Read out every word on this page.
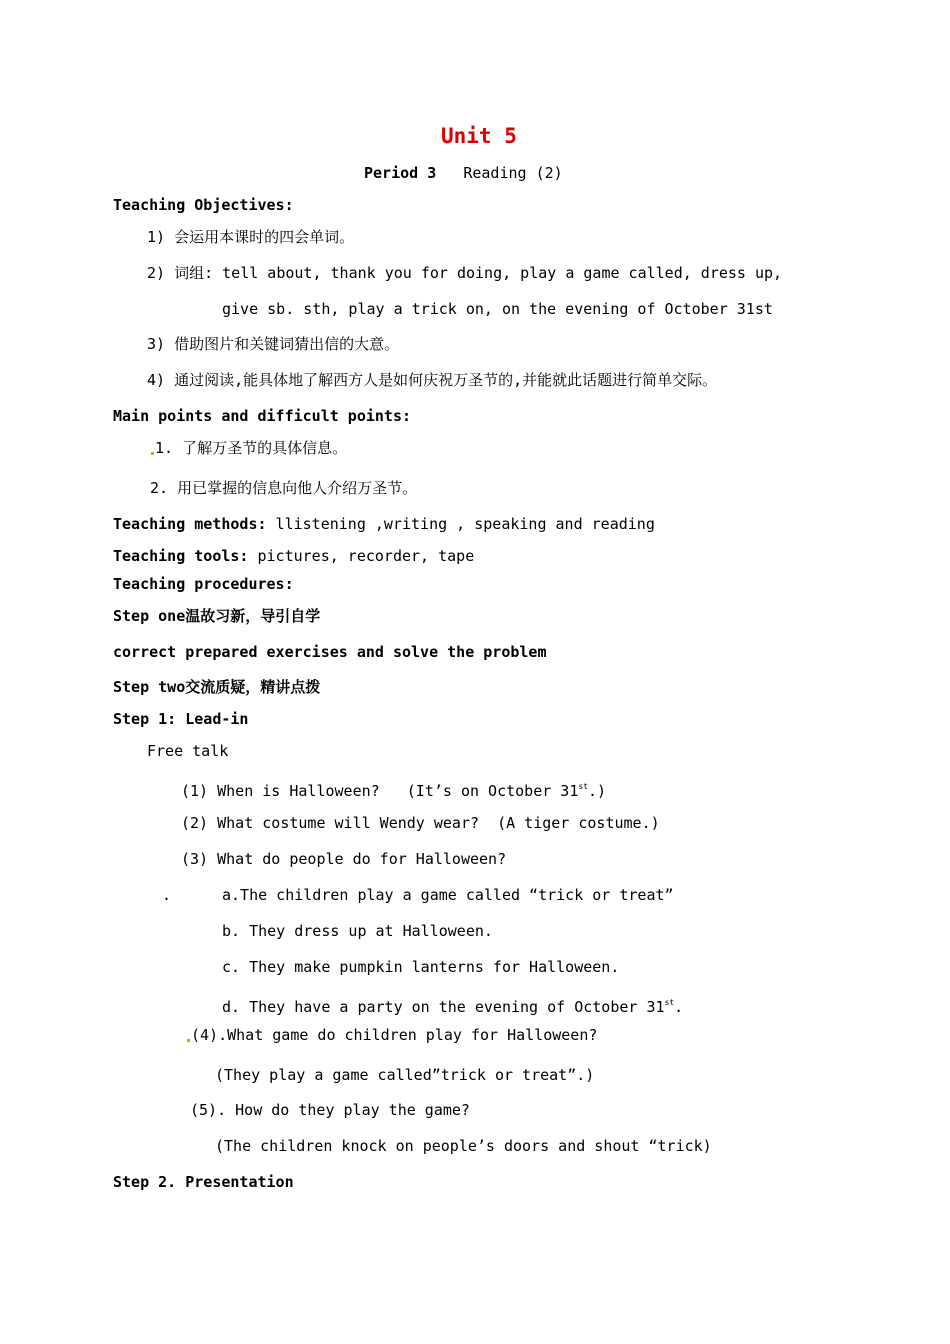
Unit 5
Period 3 Reading (2)
Teaching Objectives:
1) 会运用本课时的四会单词。
2) 词组: tell about, thank you for doing, play a game called, dress up,
give sb. sth, play a trick on, on the evening of October 31st
3) 借助图片和关键词猜出信的大意。
4) 通过阅读,能具体地了解西方人是如何庆祝万圣节的,并能就此话题进行简单交际。
Main points and difficult points:
1. 了解万圣节的具体信息。
2. 用已掌握的信息向他人介绍万圣节。
Teaching methods: llistening ,writing , speaking and reading
Teaching tools: pictures, recorder, tape
Teaching procedures:
Step one温故习新，导引自学
correct prepared exercises and solve the problem
Step two交流质疑，精讲点拨
Step 1: Lead-in
Free talk
(1) When is Halloween?   (It’s on October 31st.)
(2) What costume will Wendy wear?  (A tiger costume.)
(3) What do people do for Halloween?
.	a.The children play a game called “trick or treat”
b. They dress up at Halloween.
c. They make pumpkin lanterns for Halloween.
d. They have a party on the evening of October 31st.
(4).What game do children play for Halloween?
(They play a game called”trick or treat”.)
(5). How do they play the game?
(The children knock on people’s doors and shout “trick)
Step 2. Presentation
